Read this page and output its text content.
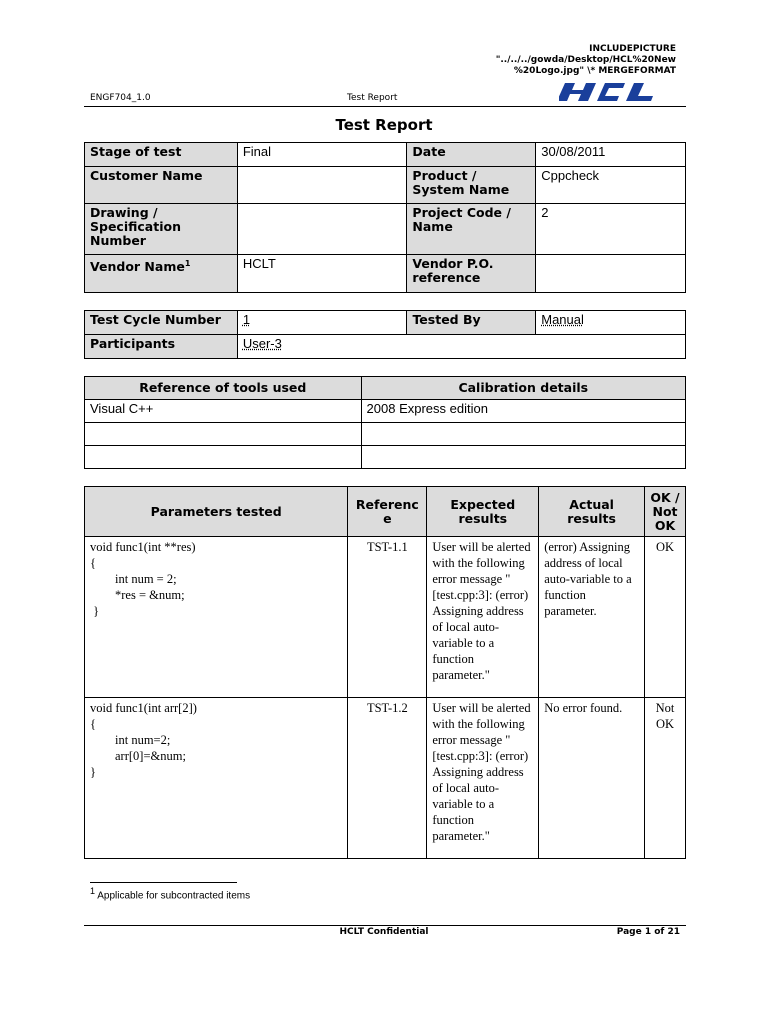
INCLUDEPICTURE
"../../../gowda/Desktop/HCL%20New
%20Logo.jpg" \* MERGEFORMAT
ENGF704_1.0	Test Report
Test Report
Stage of test	Final	Date	30/08/2011
Customer Name		Product / System Name	Cppcheck
Drawing / Specification Number		Project Code / Name	2
Vendor Name$^1$	HCLT	Vendor P.O. reference	
Test Cycle Number	1	Tested By	Manual
Participants	User-3		
Reference of tools used	Calibration details
Visual C++	2008 Express edition

Parameters tested	Referenc e	Expected results	Actual results	OK / Not OK
void func1(int **res)
{
int num = 2;
*res = &num;
}	TST-1.1	User will be alerted with the following error message "[test.cpp:3]: (error) Assigning address of local auto-variable to a function parameter."	(error) Assigning address of local auto-variable to a function parameter.	OK
void func1(int arr[2])
{
int num=2;
arr[0]=&num;
}	TST-1.2	User will be alerted with the following error message "[test.cpp:3]: (error) Assigning address of local auto-variable to a function parameter."	No error found.	Not OK
$^1$ Applicable for subcontracted items
HCLT Confidential	Page 1 of 21
